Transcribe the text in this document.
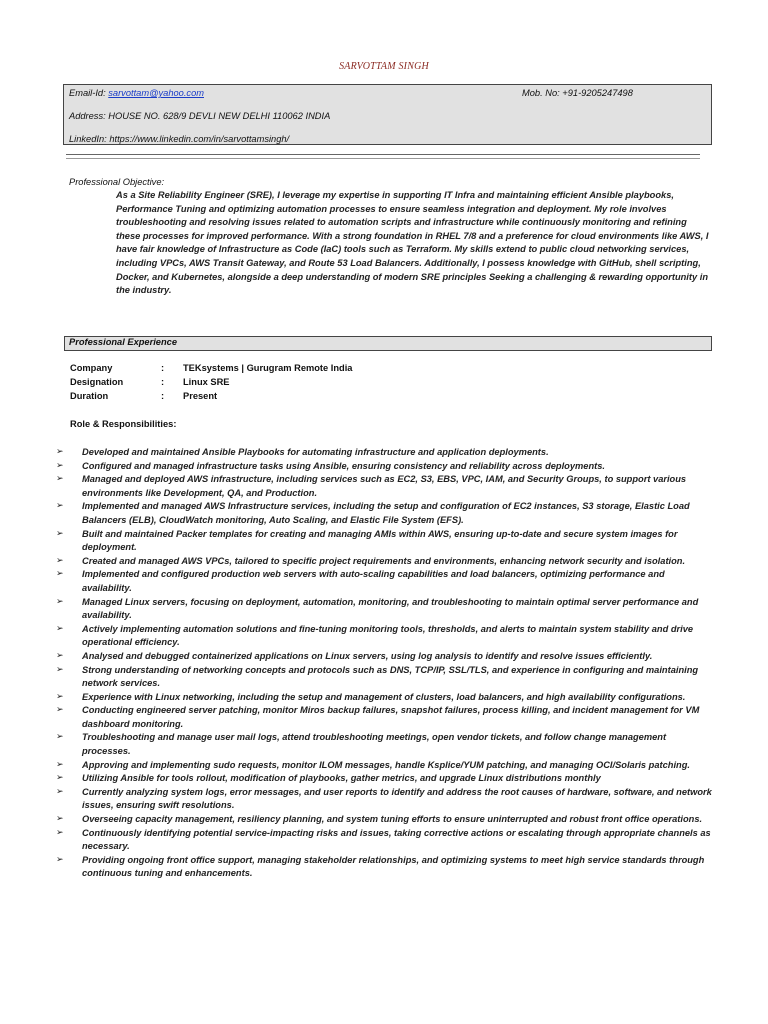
SARVOTTAM SINGH
Email-Id: sarvottam@yahoo.com	Mob. No: +91-9205247498
Address: HOUSE NO. 628/9 DEVLI NEW DELHI 110062 INDIA
LinkedIn: https://www.linkedin.com/in/sarvottamsingh/
Professional Objective:
As a Site Reliability Engineer (SRE), I leverage my expertise in supporting IT Infra and maintaining efficient Ansible playbooks, Performance Tuning and optimizing automation processes to ensure seamless integration and deployment. My role involves troubleshooting and resolving issues related to automation scripts and infrastructure while continuously monitoring and refining these processes for improved performance. With a strong foundation in RHEL 7/8 and a preference for cloud environments like AWS, I have fair knowledge of Infrastructure as Code (IaC) tools such as Terraform. My skills extend to public cloud networking services, including VPCs, AWS Transit Gateway, and Route 53 Load Balancers. Additionally, I possess knowledge with GitHub, shell scripting, Docker, and Kubernetes, alongside a deep understanding of modern SRE principles Seeking a challenging & rewarding opportunity in the industry.
Professional Experience
Company	: TEKsystems | Gurugram Remote India
Designation	: Linux SRE
Duration	: Present
Role & Responsibilities:
➢ Developed and maintained Ansible Playbooks for automating infrastructure and application deployments.
➢ Configured and managed infrastructure tasks using Ansible, ensuring consistency and reliability across deployments.
➢ Managed and deployed AWS infrastructure, including services such as EC2, S3, EBS, VPC, IAM, and Security Groups, to support various environments like Development, QA, and Production.
➢ Implemented and managed AWS Infrastructure services, including the setup and configuration of EC2 instances, S3 storage, Elastic Load Balancers (ELB), CloudWatch monitoring, Auto Scaling, and Elastic File System (EFS).
➢ Built and maintained Packer templates for creating and managing AMIs within AWS, ensuring up-to-date and secure system images for deployment.
➢ Created and managed AWS VPCs, tailored to specific project requirements and environments, enhancing network security and isolation.
➢ Implemented and configured production web servers with auto-scaling capabilities and load balancers, optimizing performance and availability.
➢ Managed Linux servers, focusing on deployment, automation, monitoring, and troubleshooting to maintain optimal server performance and availability.
➢ Actively implementing automation solutions and fine-tuning monitoring tools, thresholds, and alerts to maintain system stability and drive operational efficiency.
➢ Analysed and debugged containerized applications on Linux servers, using log analysis to identify and resolve issues efficiently.
➢ Strong understanding of networking concepts and protocols such as DNS, TCP/IP, SSL/TLS, and experience in configuring and maintaining network services.
➢ Experience with Linux networking, including the setup and management of clusters, load balancers, and high availability configurations.
➢ Conducting engineered server patching, monitor Miros backup failures, snapshot failures, process killing, and incident management for VM dashboard monitoring.
➢ Troubleshooting and manage user mail logs, attend troubleshooting meetings, open vendor tickets, and follow change management processes.
➢ Approving and implementing sudo requests, monitor ILOM messages, handle Ksplice/YUM patching, and managing OCI/Solaris patching.
➢ Utilizing Ansible for tools rollout, modification of playbooks, gather metrics, and upgrade Linux distributions monthly
➢ Currently analyzing system logs, error messages, and user reports to identify and address the root causes of hardware, software, and network issues, ensuring swift resolutions.
➢ Overseeing capacity management, resiliency planning, and system tuning efforts to ensure uninterrupted and robust front office operations.
➢ Continuously identifying potential service-impacting risks and issues, taking corrective actions or escalating through appropriate channels as necessary.
➢ Providing ongoing front office support, managing stakeholder relationships, and optimizing systems to meet high service standards through continuous tuning and enhancements.
